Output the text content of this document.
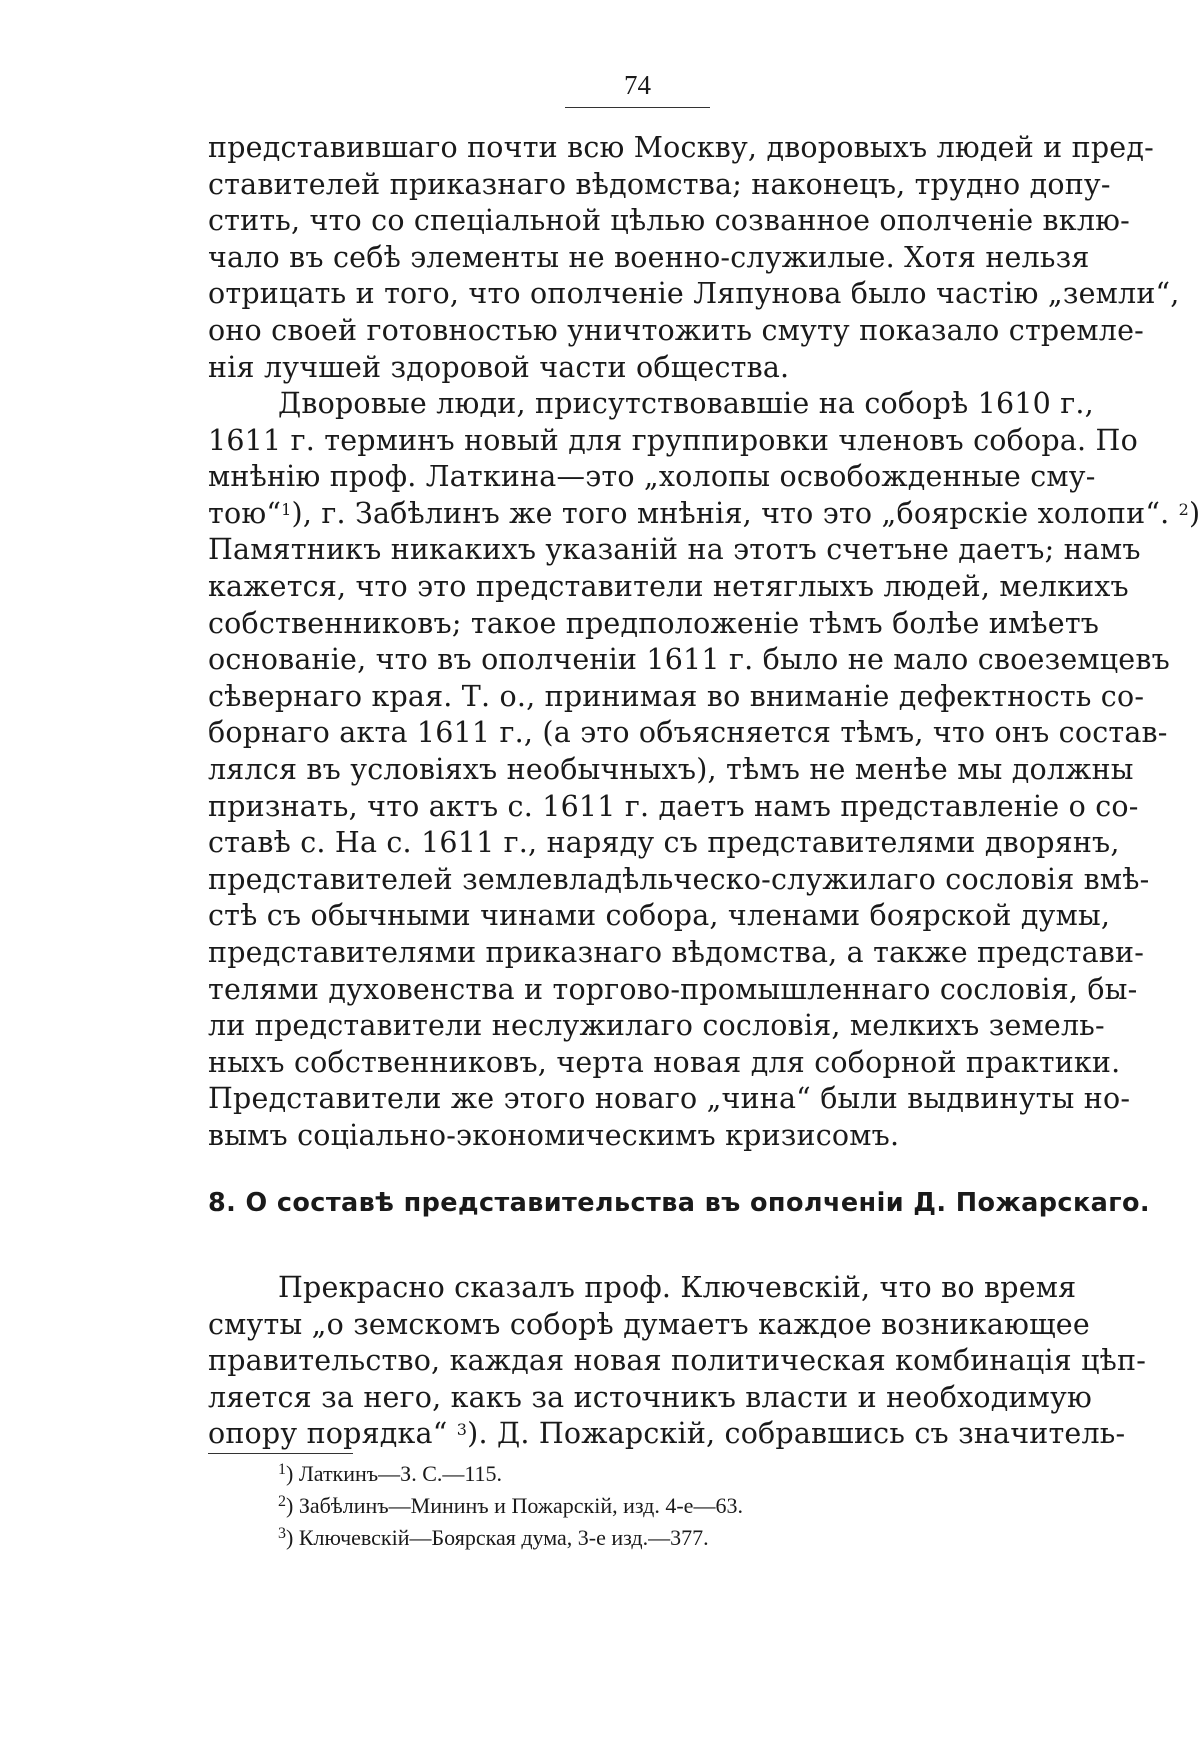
74
представившаго почти всю Москву, дворовыхъ людей и пред-
ставителей приказнаго вѣдомства; наконецъ, трудно допу-
стить, что со спеціальной цѣлью созванное ополченіе вклю-
чало въ себѣ элементы не военно-служилые. Хотя нельзя
отрицать и того, что ополченіе Ляпунова было частію „земли“,
оно своей готовностью уничтожить смуту показало стремле-
нія лучшей здоровой части общества.
Дворовые люди, присутствовавшіе на соборѣ 1610 г.,
1611 г. терминъ новый для группировки членовъ собора. По
мнѣнію проф. Латкина—это „холопы освобожденные сму-
тою“$^1$), г. Забѣлинъ же того мнѣнія, что это „боярскіе холопи“. $^2$)
Памятникъ никакихъ указаній на этотъ счетъне даетъ; намъ
кажется, что это представители нетяглыхъ людей, мелкихъ
собственниковъ; такое предположеніе тѣмъ болѣе имѣетъ
основаніе, что въ ополченіи 1611 г. было не мало своеземцевъ
сѣвернаго края. Т. о., принимая во вниманіе дефектность со-
борнаго акта 1611 г., (а это объясняется тѣмъ, что онъ состав-
лялся въ условіяхъ необычныхъ), тѣмъ не менѣе мы должны
признать, что актъ с. 1611 г. даетъ намъ представленіе о со-
ставѣ с. На с. 1611 г., наряду съ представителями дворянъ,
представителей землевладѣльческо-служилаго сословія вмѣ-
стѣ съ обычными чинами собора, членами боярской думы,
представителями приказнаго вѣдомства, а также представи-
телями духовенства и торгово-промышленнаго сословія, бы-
ли представители неслужилаго сословія, мелкихъ земель-
ныхъ собственниковъ, черта новая для соборной практики.
Представители же этого новаго „чина“ были выдвинуты но-
вымъ соціально-экономическимъ кризисомъ.
8. О составѣ представительства въ ополченіи Д. Пожарскаго.
Прекрасно сказалъ проф. Ключевскій, что во время
смуты „о земскомъ соборѣ думаетъ каждое возникающее
правительство, каждая новая политическая комбинація цѣп-
ляется за него, какъ за источникъ власти и необходимую
опору порядка“ $^3$). Д. Пожарскій, собравшись съ значитель-
$^1$) Латкинъ—З. С.—115.
$^2$) Забѣлинъ—Мининъ и Пожарскій, изд. 4-е—63.
$^3$) Ключевскій—Боярская дума, 3-е изд.—377.
